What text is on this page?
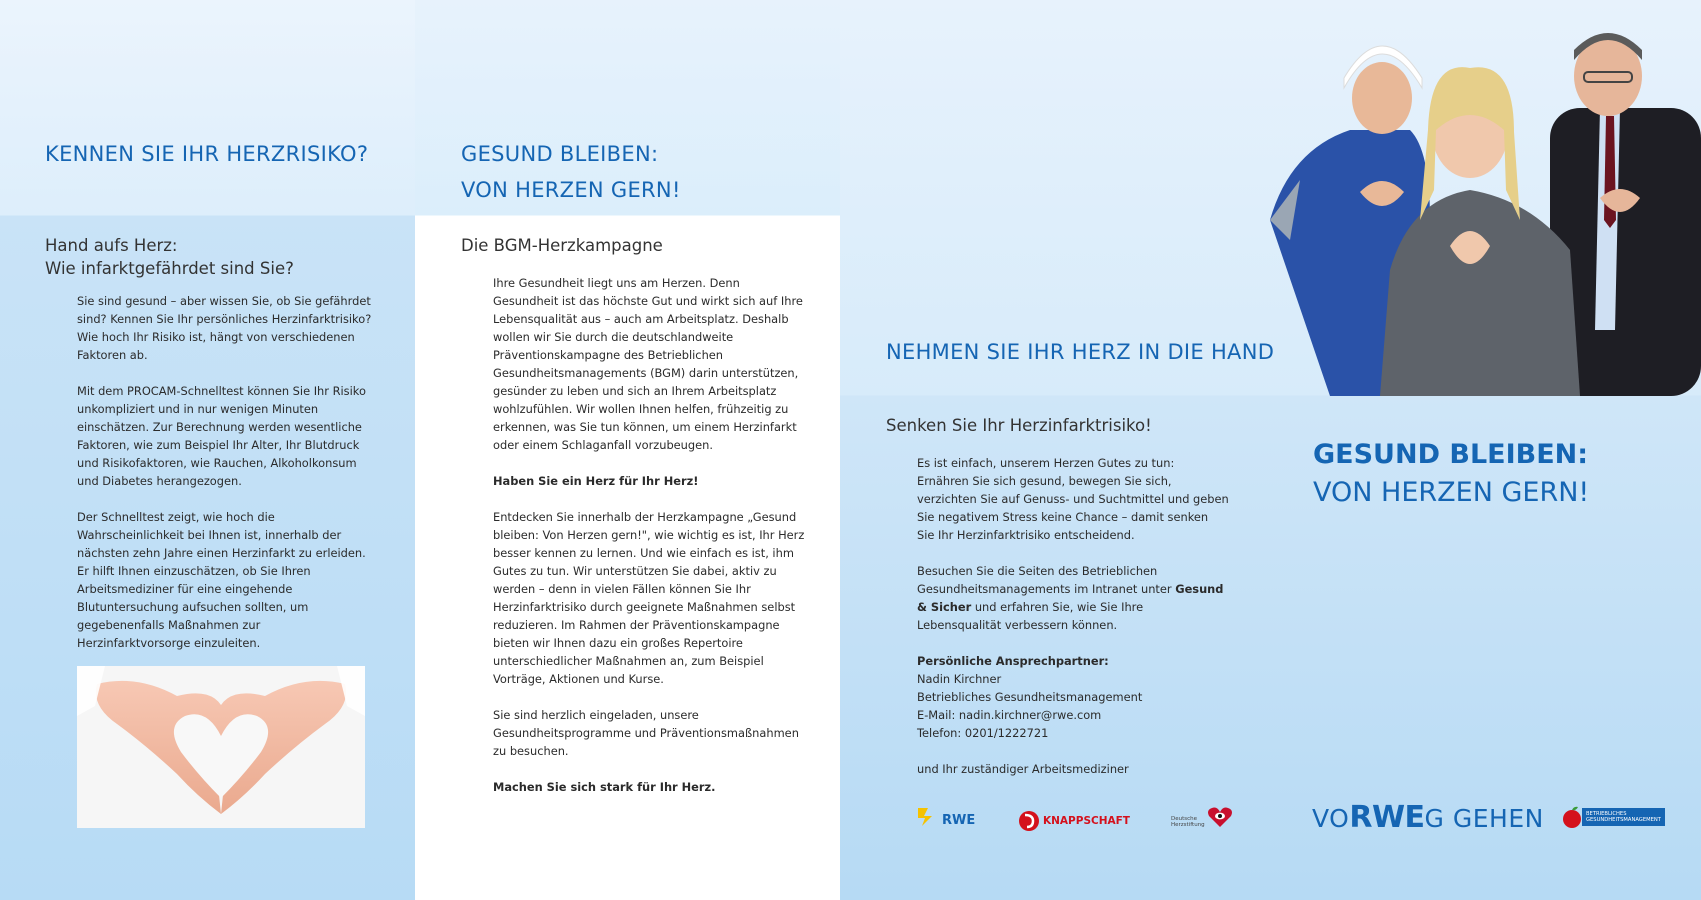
KENNEN SIE IHR HERZRISIKO?
Hand aufs Herz:
Wie infarktgefährdet sind Sie?

Sie sind gesund – aber wissen Sie, ob Sie gefährdet sind? Kennen Sie Ihr persönliches Herzinfarktrisiko? Wie hoch Ihr Risiko ist, hängt von verschiedenen Faktoren ab.

Mit dem PROCAM-Schnelltest können Sie Ihr Risiko unkompliziert und in nur wenigen Minuten einschätzen. Zur Berechnung werden wesentliche Faktoren, wie zum Beispiel Ihr Alter, Ihr Blutdruck und Risikofaktoren, wie Rauchen, Alkoholkonsum und Diabetes herangezogen.

Der Schnelltest zeigt, wie hoch die Wahrscheinlichkeit bei Ihnen ist, innerhalb der nächsten zehn Jahre einen Herzinfarkt zu erleiden. Er hilft Ihnen einzuschätzen, ob Sie Ihren Arbeitsmediziner für eine eingehende Blutuntersuchung aufsuchen sollten, um gegebenenfalls Maßnahmen zur Herzinfarktvorsorge einzuleiten.

GESUND BLEIBEN:
VON HERZEN GERN!
Die BGM-Herzkampagne

Ihre Gesundheit liegt uns am Herzen. Denn Gesundheit ist das höchste Gut und wirkt sich auf Ihre Lebensqualität aus – auch am Arbeitsplatz. Deshalb wollen wir Sie durch die deutschlandweite Präventionskampagne des Betrieblichen Gesundheitsmanagements (BGM) darin unterstützen, gesünder zu leben und sich an Ihrem Arbeitsplatz wohlzufühlen. Wir wollen Ihnen helfen, frühzeitig zu erkennen, was Sie tun können, um einem Herzinfarkt oder einem Schlaganfall vorzubeugen.

Haben Sie ein Herz für Ihr Herz!

Entdecken Sie innerhalb der Herzkampagne „Gesund bleiben: Von Herzen gern!", wie wichtig es ist, Ihr Herz besser kennen zu lernen. Und wie einfach es ist, ihm Gutes zu tun. Wir unterstützen Sie dabei, aktiv zu werden – denn in vielen Fällen können Sie Ihr Herzinfarktrisiko durch geeignete Maßnahmen selbst reduzieren. Im Rahmen der Präventionskampagne bieten wir Ihnen dazu ein großes Repertoire unterschiedlicher Maßnahmen an, zum Beispiel Vorträge, Aktionen und Kurse.

Sie sind herzlich eingeladen, unsere Gesundheitsprogramme und Präventionsmaßnahmen zu besuchen.

Machen Sie sich stark für Ihr Herz.

NEHMEN SIE IHR HERZ IN DIE HAND
Senken Sie Ihr Herzinfarktrisiko!

Es ist einfach, unserem Herzen Gutes zu tun: Ernähren Sie sich gesund, bewegen Sie sich, verzichten Sie auf Genuss- und Suchtmittel und geben Sie negativem Stress keine Chance – damit senken Sie Ihr Herzinfarktrisiko entscheidend.

Besuchen Sie die Seiten des Betrieblichen Gesundheitsmanagements im Intranet unter Gesund & Sicher und erfahren Sie, wie Sie Ihre Lebensqualität verbessern können.

Persönliche Ansprechpartner:
Nadin Kirchner
Betriebliches Gesundheitsmanagement
E-Mail: nadin.kirchner@rwe.com
Telefon: 0201/1222721

und Ihr zuständiger Arbeitsmediziner

RWE	KNAPPSCHAFT	Deutsche
Herzstiftung
GESUND BLEIBEN:
VON HERZEN GERN!
VO RWE G GEHEN	BETRIEBLICHES
GESUNDHEITSMANAGEMENT
